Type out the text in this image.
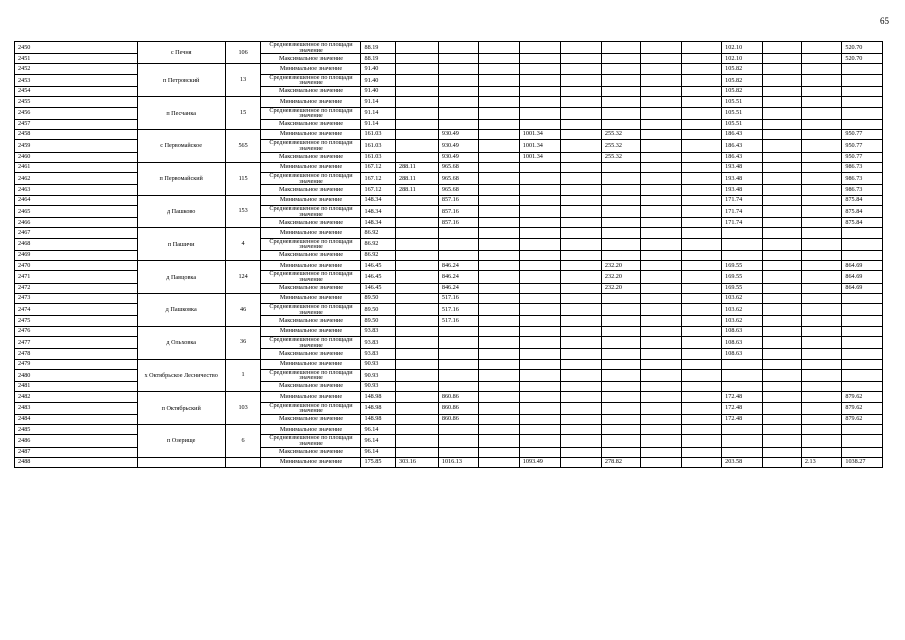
65
2450	с Печня	106	Средневзвешенное по площади значение	88.19									102.10			520.70
2451			Максимальное значение	88.19									102.10			520.70
2452	п Петровский	13	Минимальное значение	91.40									105.82			
2453			Средневзвешенное по площади значение	91.40									105.82			
2454			Максимальное значение	91.40									105.82			
2455	п Песчанка	15	Минимальное значение	91.14									105.51			
2456			Средневзвешенное по площади значение	91.14									105.51			
2457			Максимальное значение	91.14									105.51			
2458	с Первомайское	565	Минимальное значение	161.03		930.49		1001.34		255.32			186.43			950.77
2459			Средневзвешенное по площади значение	161.03		930.49		1001.34		255.32			186.43			950.77
2460			Максимальное значение	161.03		930.49		1001.34		255.32			186.43			950.77
2461	п Первомайский	115	Минимальное значение	167.12	288.11	965.68							193.48			986.73
2462			Средневзвешенное по площади значение	167.12	288.11	965.68							193.48			986.73
2463			Максимальное значение	167.12	288.11	965.68							193.48			986.73
2464	д Пашково	153	Минимальное значение	148.34		857.16							171.74			875.84
2465			Средневзвешенное по площади значение	148.34		857.16							171.74			875.84
2466			Максимальное значение	148.34		857.16							171.74			875.84
2467	п Пашичи	4	Минимальное значение	86.92												
2468			Средневзвешенное по площади значение	86.92												
2469			Максимальное значение	86.92												
2470	д Павцовка	124	Минимальное значение	146.45		846.24				232.20			169.55			864.69
2471			Средневзвешенное по площади значение	146.45		846.24				232.20			169.55			864.69
2472			Максимальное значение	146.45		846.24				232.20			169.55			864.69
2473	д Пашковка	46	Минимальное значение	89.50		517.16							103.62			
2474			Средневзвешенное по площади значение	89.50		517.16							103.62			
2475			Максимальное значение	89.50		517.16							103.62			
2476	д Ольховка	36	Минимальное значение	93.83									108.63			
2477			Средневзвешенное по площади значение	93.83									108.63			
2478			Максимальное значение	93.83									108.63			
2479	х Октябрьское Лесничество	1	Минимальное значение	90.93												
2480			Средневзвешенное по площади значение	90.93												
2481			Максимальное значение	90.93												
2482	п Октябрьский	103	Минимальное значение	148.98		860.86							172.48			879.62
2483			Средневзвешенное по площади значение	148.98		860.86							172.48			879.62
2484			Максимальное значение	148.98		860.86							172.48			879.62
2485	п Озерище	6	Минимальное значение	96.14												
2486			Средневзвешенное по площади значение	96.14												
2487			Максимальное значение	96.14												
2488			Минимальное значение	175.85	303.16	1016.13		1093.49		278.82			203.58		2.13	1038.27
